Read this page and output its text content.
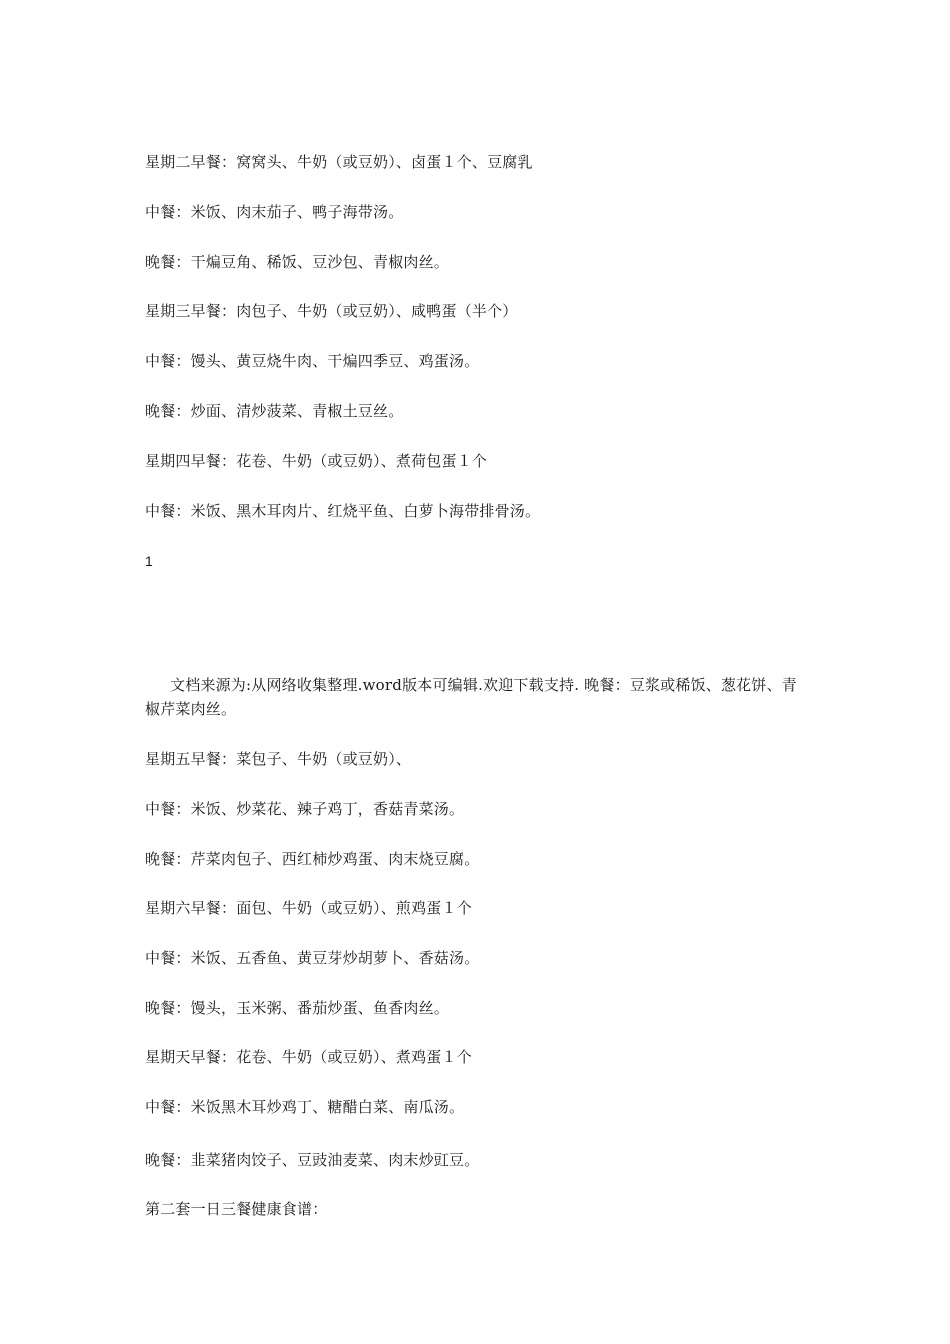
星期二早餐：窝窝头、牛奶（或豆奶）、卤蛋１个、豆腐乳
中餐：米饭、肉末茄子、鸭子海带汤。
晚餐：干煸豆角、稀饭、豆沙包、青椒肉丝。
星期三早餐：肉包子、牛奶（或豆奶）、咸鸭蛋（半个）
中餐：馒头、黄豆烧牛肉、干煸四季豆、鸡蛋汤。
晚餐：炒面、清炒菠菜、青椒土豆丝。
星期四早餐：花卷、牛奶（或豆奶）、煮荷包蛋１个
中餐：米饭、黑木耳肉片、红烧平鱼、白萝卜海带排骨汤。
1
文档来源为:从网络收集整理.word版本可编辑.欢迎下载支持. 晚餐：豆浆或稀饭、葱花饼、青椒芹菜肉丝。
星期五早餐：菜包子、牛奶（或豆奶）、
中餐：米饭、炒菜花、辣子鸡丁，香菇青菜汤。
晚餐：芹菜肉包子、西红柿炒鸡蛋、肉末烧豆腐。
星期六早餐：面包、牛奶（或豆奶）、煎鸡蛋１个
中餐：米饭、五香鱼、黄豆芽炒胡萝卜、香菇汤。
晚餐：馒头，玉米粥、番茄炒蛋、鱼香肉丝。
星期天早餐：花卷、牛奶（或豆奶）、煮鸡蛋１个
中餐：米饭黑木耳炒鸡丁、糖醋白菜、南瓜汤。
晚餐：韭菜猪肉饺子、豆豉油麦菜、肉末炒豇豆。
第二套一日三餐健康食谱：
